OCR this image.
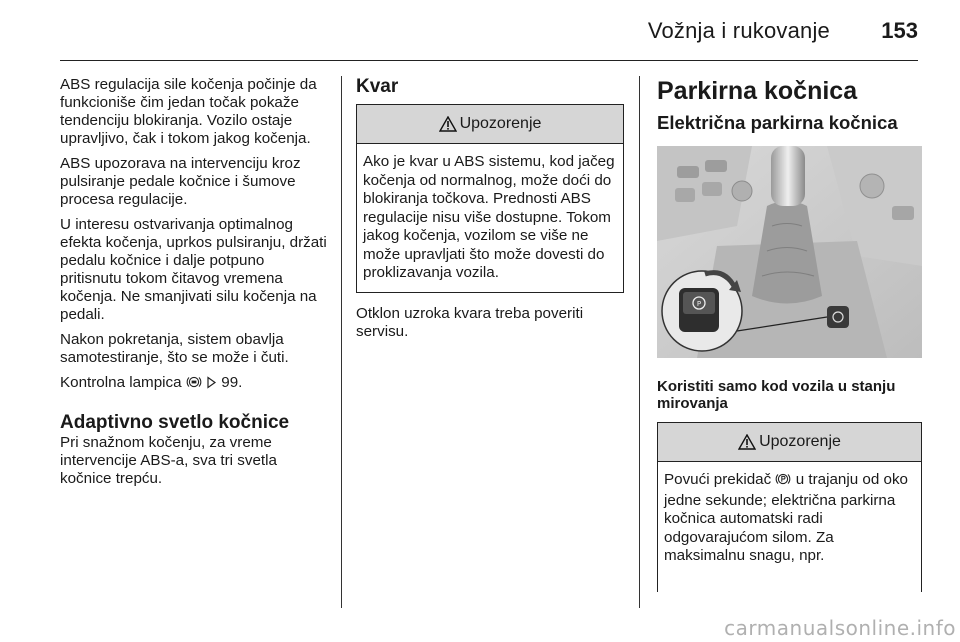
Vožnja i rukovanje 153

ABS regulacija sile kočenja počinje da funkcioniše čim jedan točak pokaže tendenciju blokiranja. Vozilo ostaje upravljivo, čak i tokom jakog kočenja.

ABS upozorava na intervenciju kroz pulsiranje pedale kočnice i šumove procesa regulacije.

U interesu ostvarivanja optimalnog efekta kočenja, uprkos pulsiranju, držati pedalu kočnice i dalje potpuno pritisnutu tokom čitavog vremena kočenja. Ne smanjivati silu kočenja na pedali.

Nakon pokretanja, sistem obavlja samotestiranje, što se može i čuti.

Kontrolna lampica	99.

Adaptivno svetlo kočnice

Pri snažnom kočenju, za vreme intervencije ABS-a, sva tri svetla kočnice trepću.

Kvar
Upozorenje
Ako je kvar u ABS sistemu, kod jačeg kočenja od normalnog, može doći do blokiranja točkova. Prednosti ABS regulacije nisu više dostupne. Tokom jakog kočenja, vozilom se više ne može upravljati što može dovesti do proklizavanja vozila.

Otklon uzroka kvara treba poveriti servisu.

Parkirna kočnica
Električna parkirna kočnica
P
Koristiti samo kod vozila u stanju mirovanja
Upozorenje
Povući prekidač u trajanju od oko jedne sekunde; električna parkirna kočnica automatski radi odgovarajućom silom. Za maksimalnu snagu, npr.
carmanualsonline.info
